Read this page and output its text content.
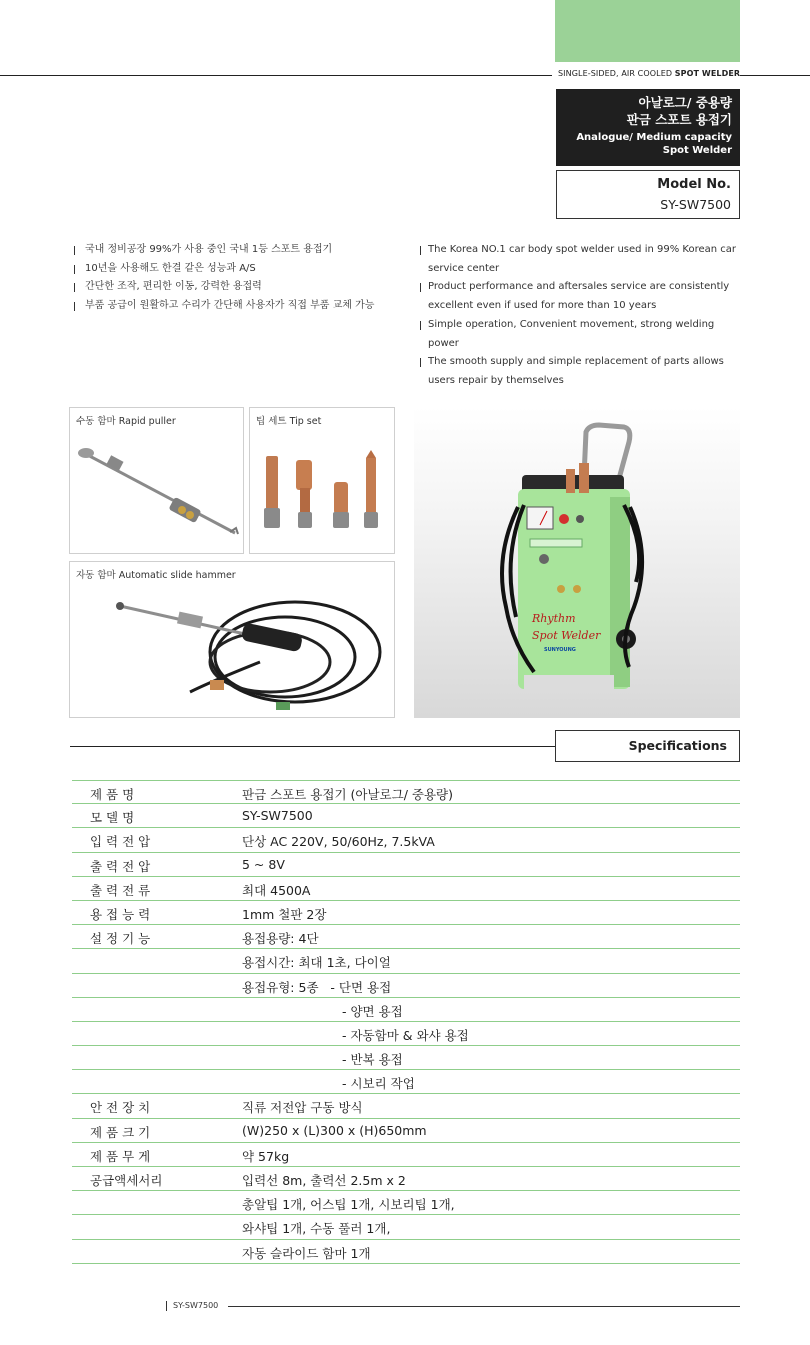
SINGLE-SIDED, AIR COOLED SPOT WELDER
아날로그/ 중용량
판금 스포트 용접기
Analogue/ Medium capacity
Spot Welder
Model No.
SY-SW7500
국내 정비공장 99%가 사용 중인 국내 1등 스포트 용접기
10년을 사용해도 한결 같은 성능과 A/S
간단한 조작, 편리한 이동, 강력한 용접력
부품 공급이 원활하고 수리가 간단해 사용자가 직접 부품 교체 가능
The Korea NO.1 car body spot welder used in 99% Korean car service center
Product performance and aftersales service are consistently excellent even if used for more than 10 years
Simple operation, Convenient movement, strong welding power
The smooth supply and simple replacement of parts allows users repair by themselves
수동 함마 Rapid puller	팁 세트 Tip set
자동 함마 Automatic slide hammer
Rhythm
Spot Welder
SUNYOUNG
Specifications
제 품 명	판금 스포트 용접기 (아날로그/ 중용량)
모 델 명	SY-SW7500
입 력 전 압	단상 AC 220V, 50/60Hz, 7.5kVA
출 력 전 압	5 ~ 8V
출 력 전 류	최대 4500A
용 접 능 력	1mm 철판 2장
설 정 기 능	용접용량: 4단
용접시간: 최대 1초, 다이얼
용접유형: 5종   - 단면 용접
- 양면 용접
- 자동함마 & 와샤 용접
- 반복 용접
- 시보리 작업
안 전 장 치	직류 저전압 구동 방식
제 품 크 기	(W)250 x (L)300 x (H)650mm
제 품 무 게	약 57kg
공급액세서리	입력선 8m, 출력선 2.5m x 2
총알팁 1개, 어스팁 1개, 시보리팁 1개,
와샤팁 1개, 수동 풀러 1개,
자동 슬라이드 함마 1개
SY-SW7500
